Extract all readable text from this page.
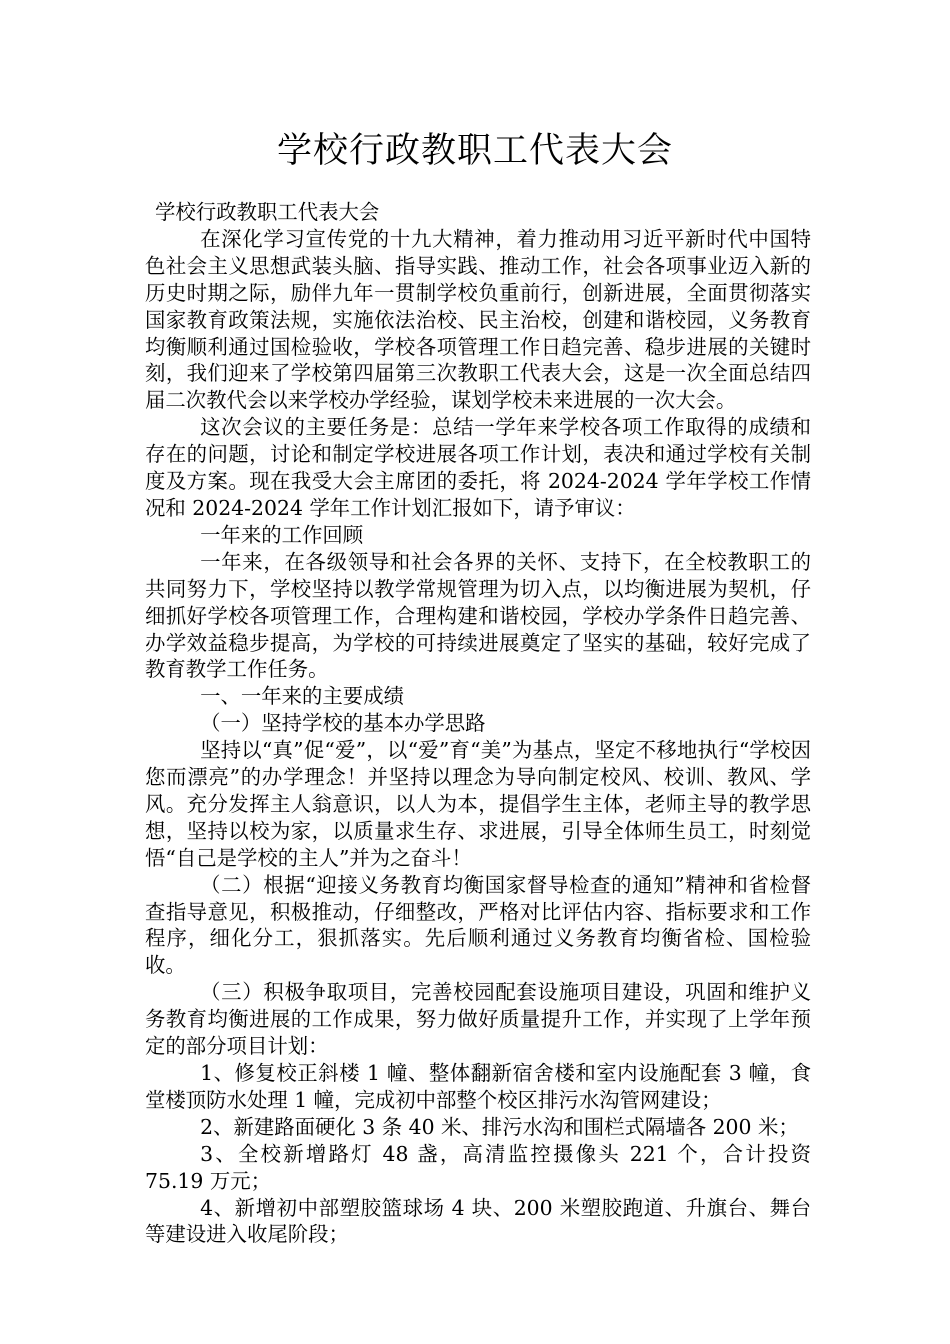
学校行政教职工代表大会

学校行政教职工代表大会

在深化学习宣传党的十九大精神，着力推动用习近平新时代中国特色社会主义思想武装头脑、指导实践、推动工作，社会各项事业迈入新的历史时期之际，励伴九年一贯制学校负重前行，创新进展，全面贯彻落实国家教育政策法规，实施依法治校、民主治校，创建和谐校园，义务教育均衡顺利通过国检验收，学校各项管理工作日趋完善、稳步进展的关键时刻，我们迎来了学校第四届第三次教职工代表大会，这是一次全面总结四届二次教代会以来学校办学经验，谋划学校未来进展的一次大会。

这次会议的主要任务是：总结一学年来学校各项工作取得的成绩和存在的问题，讨论和制定学校进展各项工作计划，表决和通过学校有关制度及方案。现在我受大会主席团的委托，将 2024-2024 学年学校工作情况和 2024-2024 学年工作计划汇报如下，请予审议：

一年来的工作回顾

一年来，在各级领导和社会各界的关怀、支持下，在全校教职工的共同努力下，学校坚持以教学常规管理为切入点，以均衡进展为契机，仔细抓好学校各项管理工作，合理构建和谐校园，学校办学条件日趋完善、办学效益稳步提高，为学校的可持续进展奠定了坚实的基础，较好完成了教育教学工作任务。

一、一年来的主要成绩

（一）坚持学校的基本办学思路

坚持以“真”促“爱”，以“爱”育“美”为基点，坚定不移地执行“学校因您而漂亮”的办学理念！并坚持以理念为导向制定校风、校训、教风、学风。充分发挥主人翁意识，以人为本，提倡学生主体，老师主导的教学思想，坚持以校为家，以质量求生存、求进展，引导全体师生员工，时刻觉悟“自己是学校的主人”并为之奋斗！

（二）根据“迎接义务教育均衡国家督导检查的通知”精神和省检督查指导意见，积极推动，仔细整改，严格对比评估内容、指标要求和工作程序，细化分工，狠抓落实。先后顺利通过义务教育均衡省检、国检验收。

（三）积极争取项目，完善校园配套设施项目建设，巩固和维护义务教育均衡进展的工作成果，努力做好质量提升工作，并实现了上学年预定的部分项目计划：

1、修复校正斜楼 1 幢、整体翻新宿舍楼和室内设施配套 3 幢，食堂楼顶防水处理 1 幢，完成初中部整个校区排污水沟管网建设；

2、新建路面硬化 3 条 40 米、排污水沟和围栏式隔墙各 200 米；

3、全校新增路灯 48 盏，高清监控摄像头 221 个，合计投资 75.19 万元；

4、新增初中部塑胶篮球场 4 块、200 米塑胶跑道、升旗台、舞台等建设进入收尾阶段；
